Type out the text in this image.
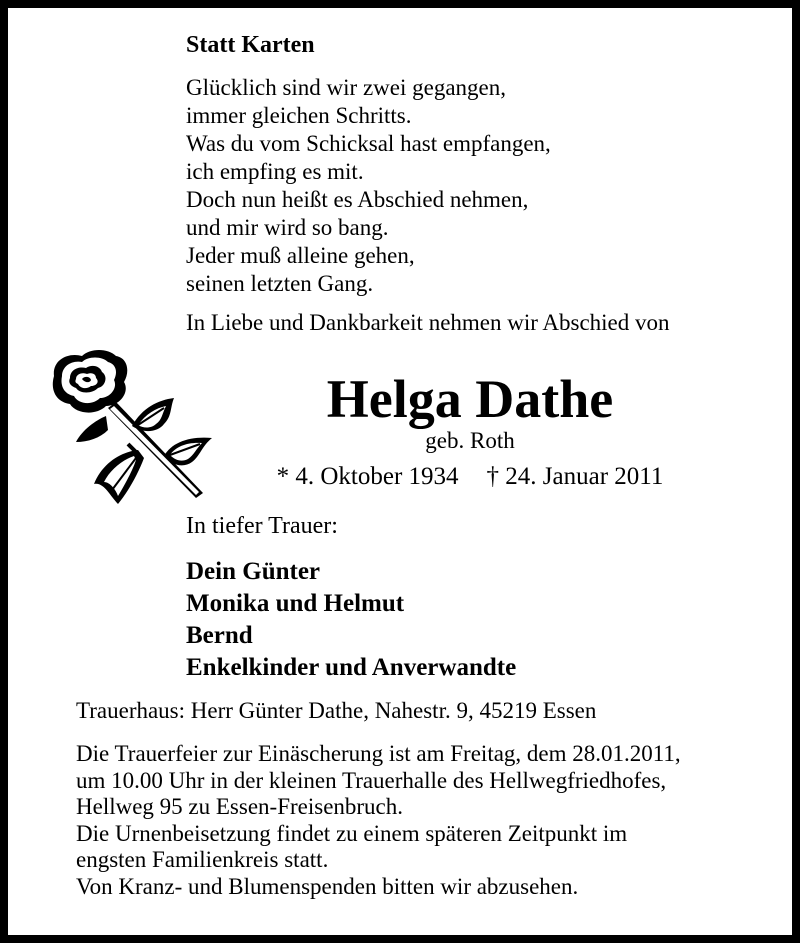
Statt Karten
Glücklich sind wir zwei gegangen,
immer gleichen Schritts.
Was du vom Schicksal hast empfangen,
ich empfing es mit.
Doch nun heißt es Abschied nehmen,
und mir wird so bang.
Jeder muß alleine gehen,
seinen letzten Gang.
In Liebe und Dankbarkeit nehmen wir Abschied von
Helga Dathe
geb. Roth
* 4. Oktober 1934 † 24. Januar 2011
In tiefer Trauer:
Dein Günter
Monika und Helmut
Bernd
Enkelkinder und Anverwandte
Trauerhaus: Herr Günter Dathe, Nahestr. 9, 45219 Essen
Die Trauerfeier zur Einäscherung ist am Freitag, dem 28.01.2011,
um 10.00 Uhr in der kleinen Trauerhalle des Hellwegfriedhofes,
Hellweg 95 zu Essen-Freisenbruch.
Die Urnenbeisetzung findet zu einem späteren Zeitpunkt im
engsten Familienkreis statt.
Von Kranz- und Blumenspenden bitten wir abzusehen.
